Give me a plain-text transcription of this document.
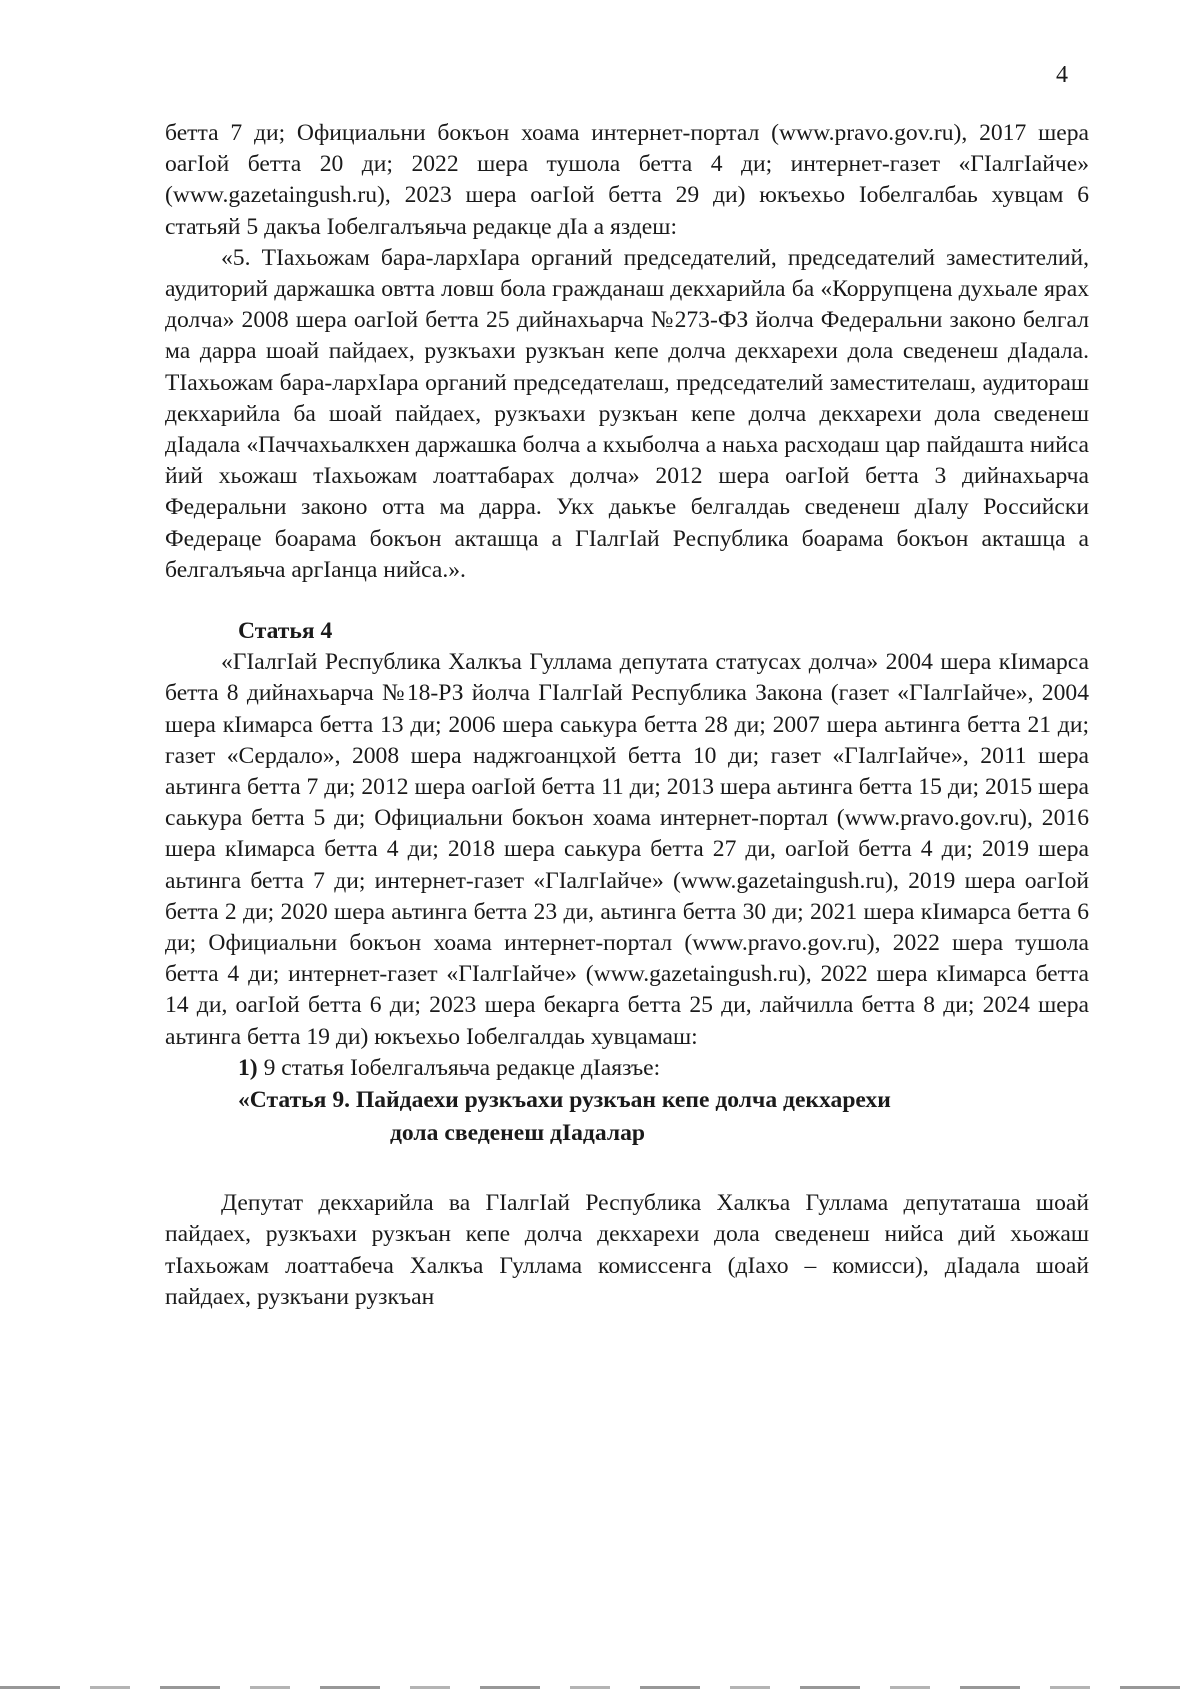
4

бетта 7 ди; Официальни бокъон хоама интернет-портал (www.pravo.gov.ru), 2017 шера оагIой бетта 20 ди; 2022 шера тушола бетта 4 ди; интернет-газет «ГIалгIайче» (www.gazetaingush.ru), 2023 шера оагIой бетта 29 ди) юкъехьо Iобелгалбаь хувцам 6 статьяй 5 дакъа Iобелгалъяьча редакце дIа а яздеш:

«5. ТIахьожам бара-лархIара органий председателий, председателий заместителий, аудиторий даржашка овтта ловш бола гражданаш декхарийла ба «Коррупцена духьале ярах долча» 2008 шера оагIой бетта 25 дийнахьарча №273-ФЗ йолча Федеральни законо белгал ма дарра шоай пайдаех, рузкъахи рузкъан кепе долча декхарехи дола сведенеш дIадала. ТIахьожам бара-лархIара органий председателаш, председателий заместителаш, аудитораш декхарийла ба шоай пайдаех, рузкъахи рузкъан кепе долча декхарехи дола сведенеш дIадала «Паччахьалкхен даржашка болча а кхыболча а наьха расходаш цар пайдашта нийса йий хьожаш тIахьожам лоаттабарах долча» 2012 шера оагIой бетта 3 дийнахьарча Федеральни законо отта ма дарра. Укх даькъе белгалдаь сведенеш дIалу Российски Федераце боарама бокъон акташца а ГIалгIай Республика боарама бокъон акташца а белгалъяьча аргIанца нийса.».

Статья 4

«ГIалгIай Республика Халкъа Гуллама депутата статусах долча» 2004 шера кIимарса бетта 8 дийнахьарча №18-РЗ йолча ГIалгIай Республика Закона (газет «ГIалгIайче», 2004 шера кIимарса бетта 13 ди; 2006 шера саькура бетта 28 ди; 2007 шера аьтинга бетта 21 ди; газет «Сердало», 2008 шера наджгоанцхой бетта 10 ди; газет «ГIалгIайче», 2011 шера аьтинга бетта 7 ди; 2012 шера оагIой бетта 11 ди; 2013 шера аьтинга бетта 15 ди; 2015 шера саькура бетта 5 ди; Официальни бокъон хоама интернет-портал (www.pravo.gov.ru), 2016 шера кIимарса бетта 4 ди; 2018 шера саькура бетта 27 ди, оагIой бетта 4 ди; 2019 шера аьтинга бетта 7 ди; интернет-газет «ГIалгIайче» (www.gazetaingush.ru), 2019 шера оагIой бетта 2 ди; 2020 шера аьтинга бетта 23 ди, аьтинга бетта 30 ди; 2021 шера кIимарса бетта 6 ди; Официальни бокъон хоама интернет-портал (www.pravo.gov.ru), 2022 шера тушола бетта 4 ди; интернет-газет «ГIалгIайче» (www.gazetaingush.ru), 2022 шера кIимарса бетта 14 ди, оагIой бетта 6 ди; 2023 шера бекарга бетта 25 ди, лайчилла бетта 8 ди; 2024 шера аьтинга бетта 19 ди) юкъехьо Iобелгалдаь хувцамаш:

1) 9 статья Iобелгалъяьча редакце дIаязъе:

«Статья 9. Пайдаехи рузкъахи рузкъан кепе долча декхарехи
дола сведенеш дIадалар

Депутат декхарийла ва ГIалгIай Республика Халкъа Гуллама депутаташа шоай пайдаех, рузкъахи рузкъан кепе долча декхарехи дола сведенеш нийса дий хьожаш тIахьожам лоаттабеча Халкъа Гуллама комиссенга (дIахо – комисси), дIадала шоай пайдаех, рузкъани рузкъан
